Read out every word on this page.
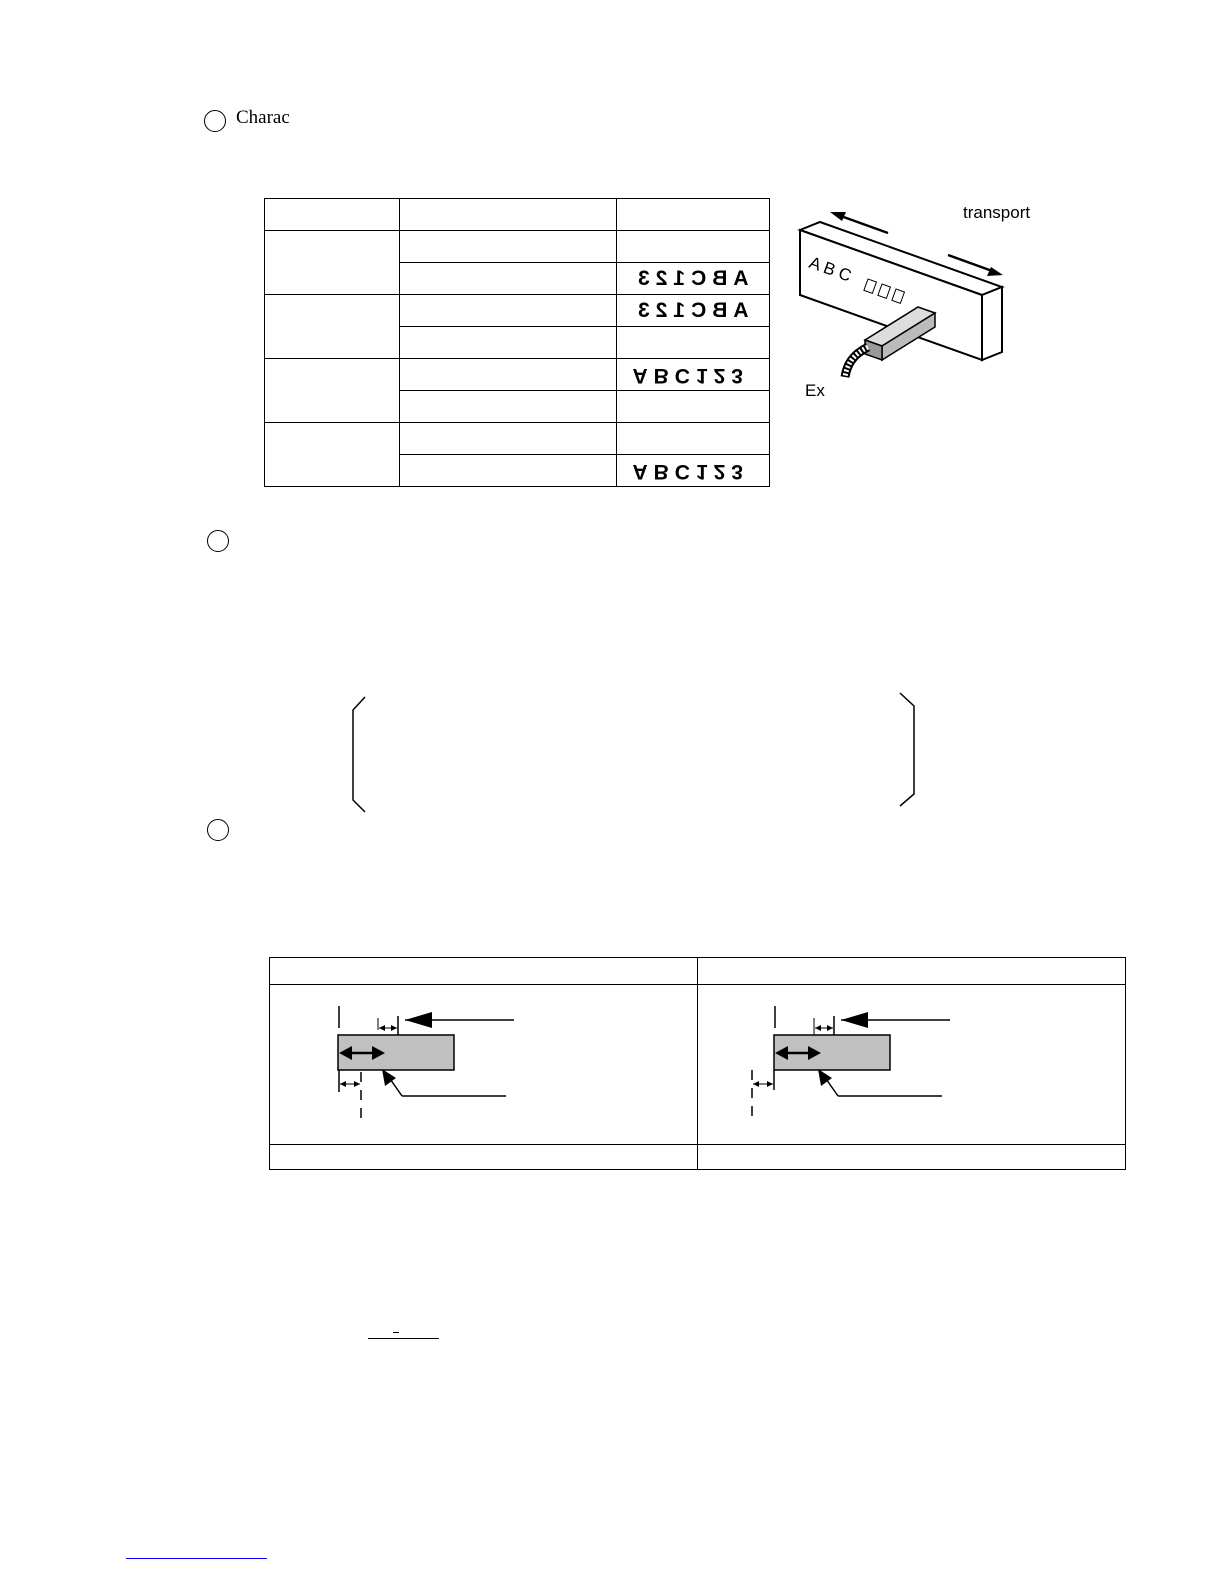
Charac

		ABC123
		ABC123

		ABC123

		ABC123
A B C
transport
Ex
